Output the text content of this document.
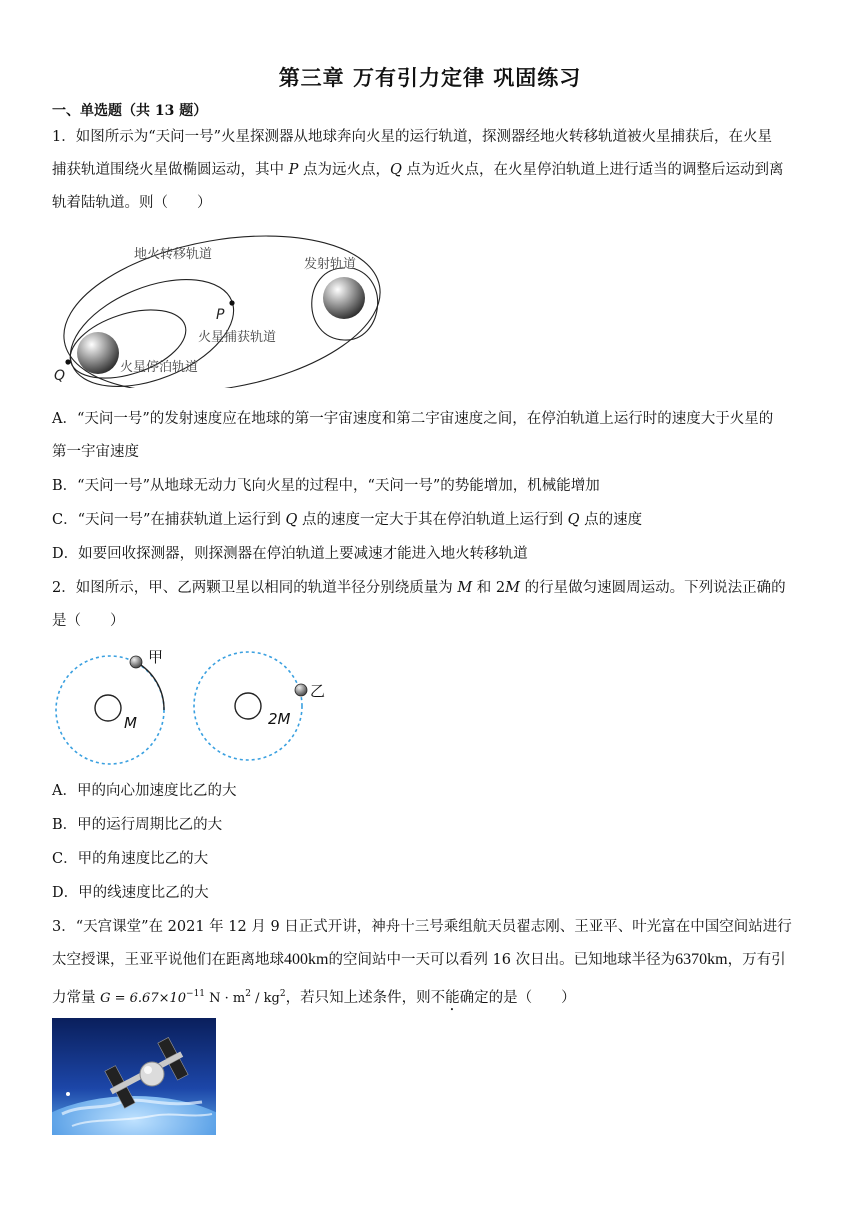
第三章 万有引力定律 巩固练习
一、单选题（共 13 题）
1．如图所示为“天问一号”火星探测器从地球奔向火星的运行轨道，探测器经地火转移轨道被火星捕获后，在火星
捕获轨道围绕火星做椭圆运动，其中 P 点为远火点，Q 点为近火点，在火星停泊轨道上进行适当的调整后运动到离
轨着陆轨道。则（　　）
地火转移轨道
发射轨道
火星捕获轨道
火星停泊轨道
P
Q
A．“天问一号”的发射速度应在地球的第一宇宙速度和第二宇宙速度之间，在停泊轨道上运行时的速度大于火星的
第一宇宙速度
B．“天问一号”从地球无动力飞向火星的过程中，“天问一号”的势能增加，机械能增加
C．“天问一号”在捕获轨道上运行到 Q 点的速度一定大于其在停泊轨道上运行到 Q 点的速度
D．如要回收探测器，则探测器在停泊轨道上要减速才能进入地火转移轨道
2．如图所示，甲、乙两颗卫星以相同的轨道半径分别绕质量为 M 和 2M 的行星做匀速圆周运动。下列说法正确的
是（　　）
甲
M
乙
2M
A．甲的向心加速度比乙的大
B．甲的运行周期比乙的大
C．甲的角速度比乙的大
D．甲的线速度比乙的大
3．“天宫课堂”在 2021 年 12 月 9 日正式开讲，神舟十三号乘组航天员翟志刚、王亚平、叶光富在中国空间站进行
太空授课，王亚平说他们在距离地球400km的空间站中一天可以看列 16 次日出。已知地球半径为6370km，万有引
力常量 $G = 6.67\times 10^{-11}$ $N \cdot m^2 / kg^2$，若只知上述条件，则不能确定的是（　　）
